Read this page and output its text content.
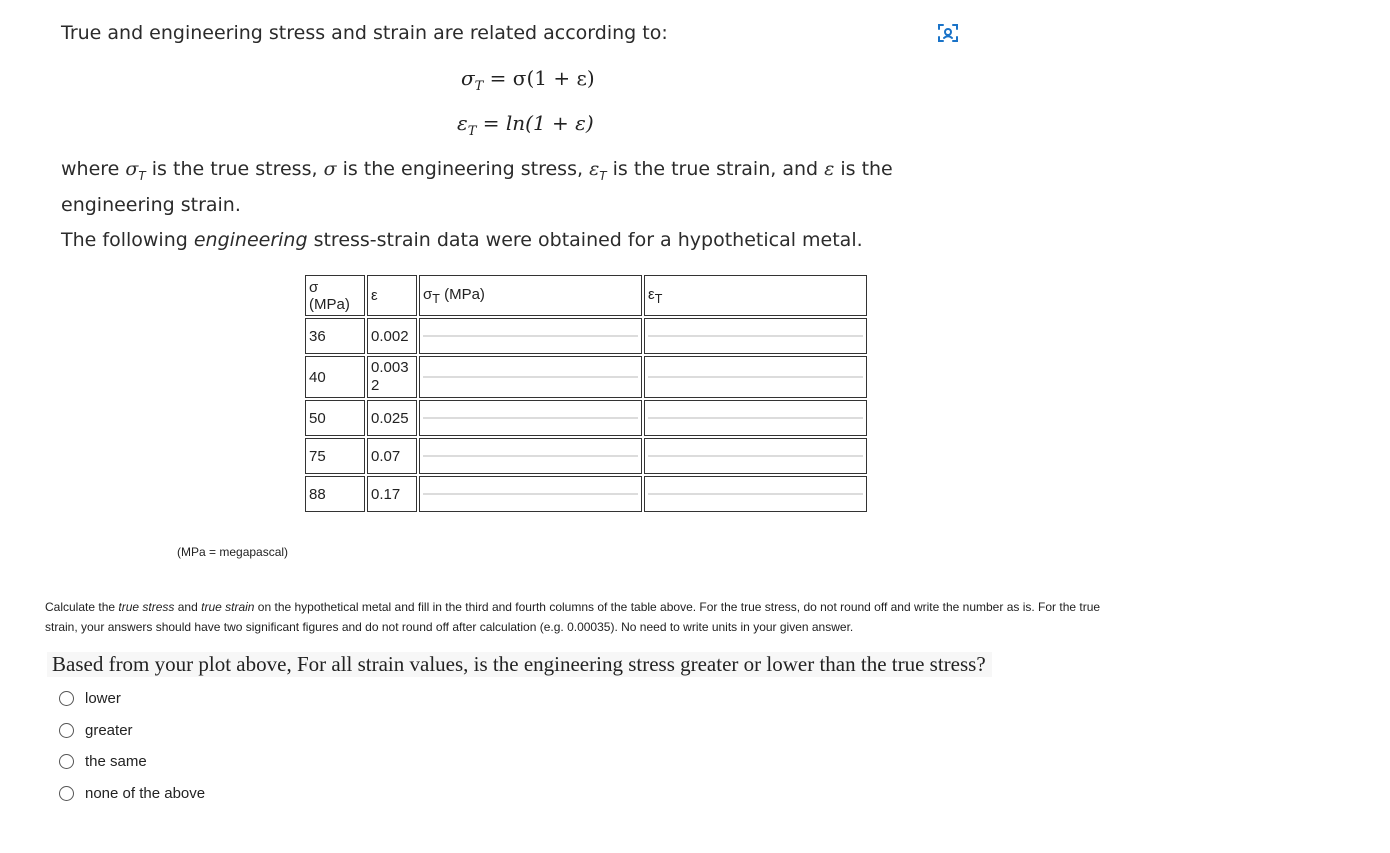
True and engineering stress and strain are related according to:
$\sigma_T = \sigma(1 + \varepsilon)$
$\varepsilon_T = \ln(1 + \varepsilon)$
where $\sigma_T$ is the true stress, σ is the engineering stress, $\varepsilon_T$ is the true strain, and ε is the engineering strain.
The following engineering stress-strain data were obtained for a hypothetical metal.
σ (MPa)	ε	$\sigma_T$ (MPa)	$\varepsilon_T$
36	0.002	

40	0.0032	

50	0.025	

75	0.07	

88	0.17	

(MPa = megapascal)
Calculate the true stress and true strain on the hypothetical metal and fill in the third and fourth columns of the table above. For the true stress, do not round off and write the number as is. For the true strain, your answers should have two significant figures and do not round off after calculation (e.g. 0.00035). No need to write units in your given answer.
Based from your plot above, For all strain values, is the engineering stress greater or lower than the true stress?
lower
greater
the same
none of the above
